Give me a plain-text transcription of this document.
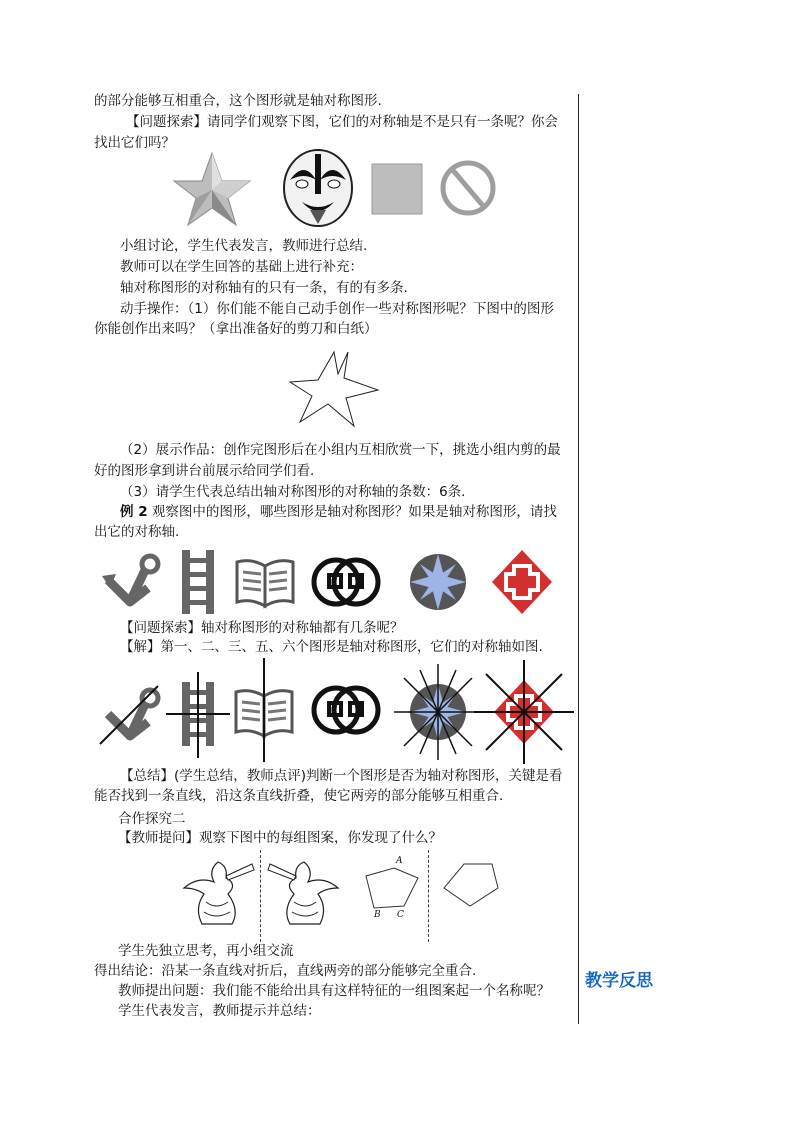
教学反思
的部分能够互相重合，这个图形就是轴对称图形.
【问题探索】请同学们观察下图，它们的对称轴是不是只有一条呢？你会
找出它们吗？
小组讨论，学生代表发言，教师进行总结.
教师可以在学生回答的基础上进行补充：
轴对称图形的对称轴有的只有一条，有的有多条.
动手操作：（1）你们能不能自己动手创作一些对称图形呢？下图中的图形
你能创作出来吗？（拿出准备好的剪刀和白纸）
（2）展示作品：创作完图形后在小组内互相欣赏一下，挑选小组内剪的最
好的图形拿到讲台前展示给同学们看.
（3）请学生代表总结出轴对称图形的对称轴的条数：6条.
例 2 观察图中的图形，哪些图形是轴对称图形？如果是轴对称图形，请找
出它的对称轴.
【问题探索】轴对称图形的对称轴都有几条呢？
【解】第一、二、三、五、六个图形是轴对称图形，它们的对称轴如图.
【总结】(学生总结，教师点评)判断一个图形是否为轴对称图形，关键是看
能否找到一条直线，沿这条直线折叠，使它两旁的部分能够互相重合.
合作探究二
【教师提问】观察下图中的每组图案，你发现了什么？
A
B C
学生先独立思考，再小组交流
得出结论：沿某一条直线对折后，直线两旁的部分能够完全重合.
教师提出问题：我们能不能给出具有这样特征的一组图案起一个名称呢？
学生代表发言，教师提示并总结：
